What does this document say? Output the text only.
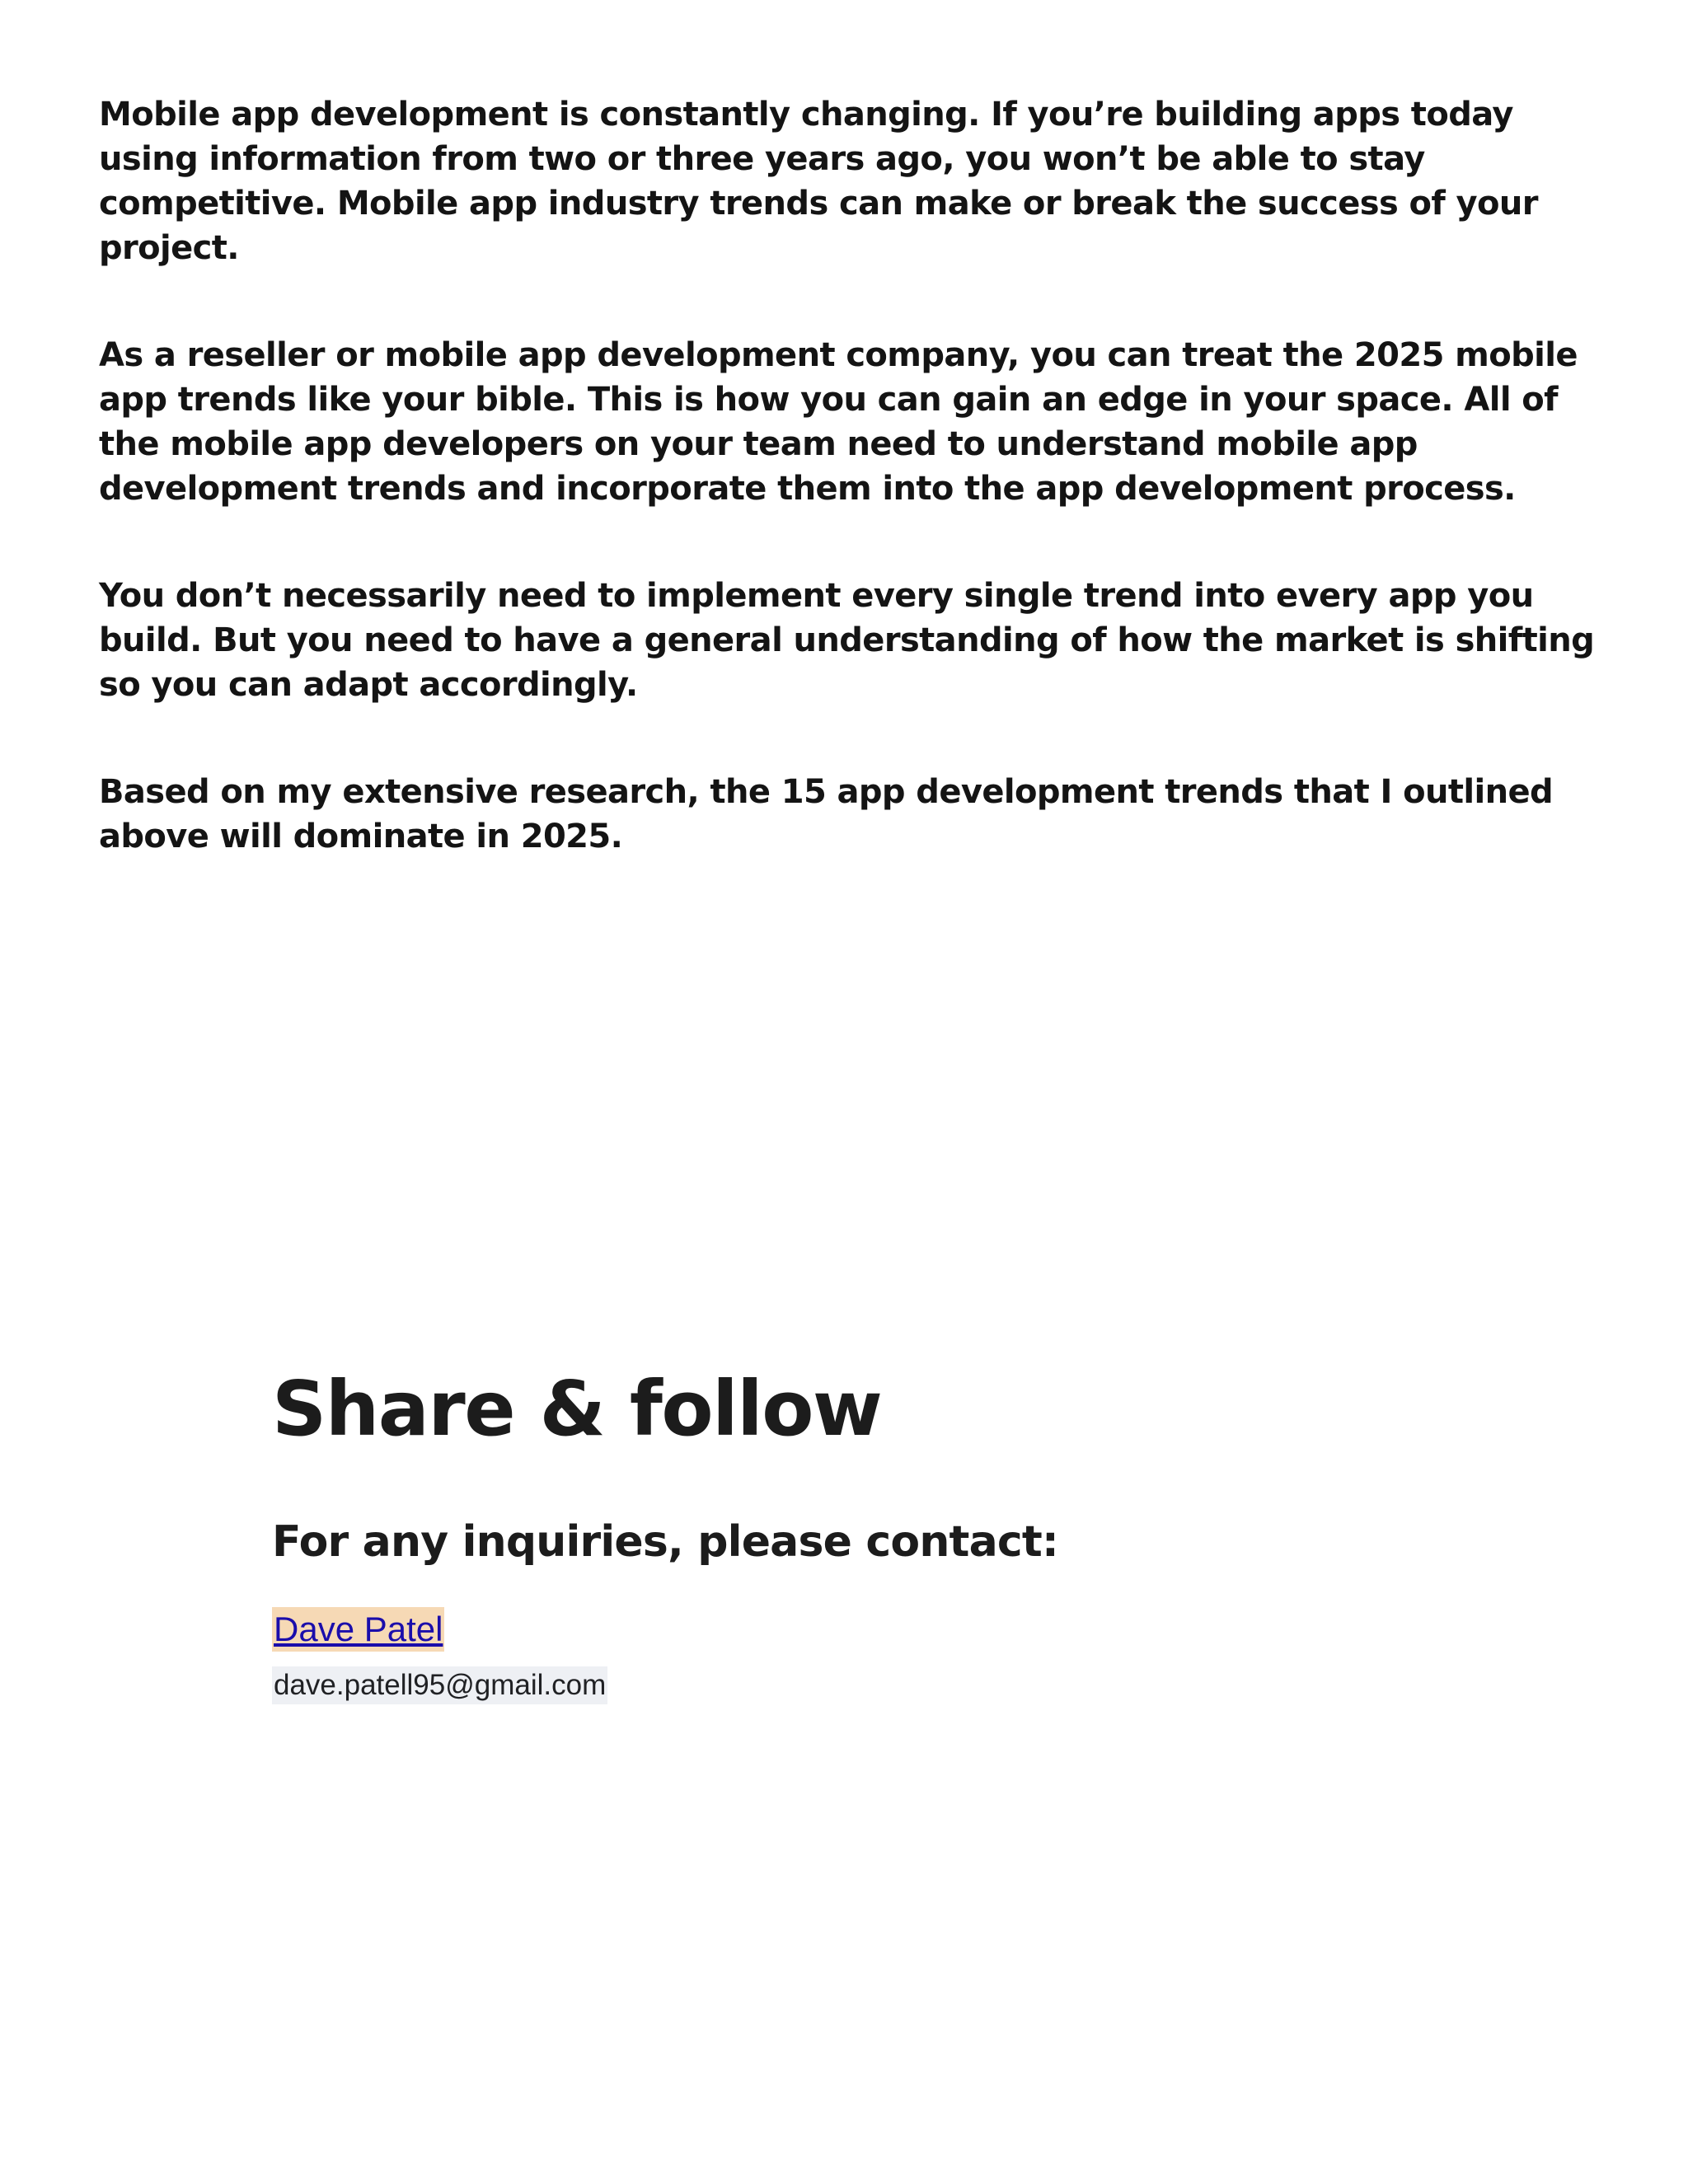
Mobile app development is constantly changing. If you’re building apps today using information from two or three years ago, you won’t be able to stay competitive. Mobile app industry trends can make or break the success of your project.

As a reseller or mobile app development company, you can treat the 2025 mobile app trends like your bible. This is how you can gain an edge in your space. All of the mobile app developers on your team need to understand mobile app development trends and incorporate them into the app development process.

You don’t necessarily need to implement every single trend into every app you build. But you need to have a general understanding of how the market is shifting so you can adapt accordingly.

Based on my extensive research, the 15 app development trends that I outlined above will dominate in 2025.

Share & follow
For any inquiries, please contact:
Dave Patel
dave.patell95@gmail.com
